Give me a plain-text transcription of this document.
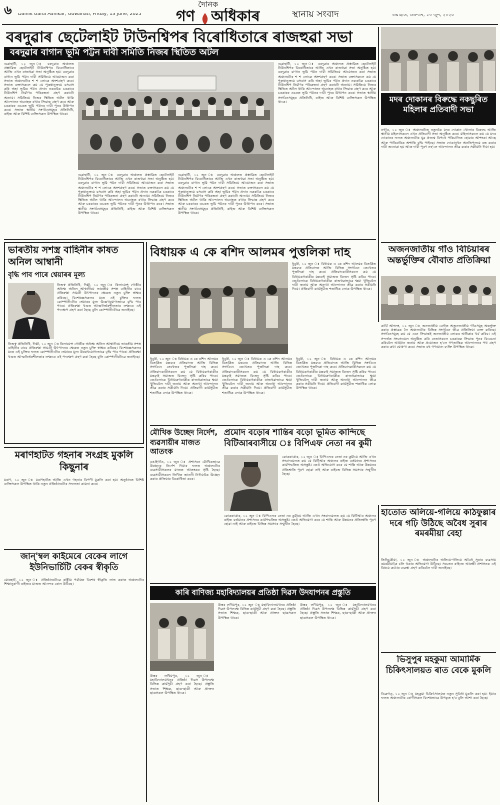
৬	দৈনিক
গণ অধিকাৰ
Dainik Gana Adhikar, Guwahati, Friday, 13 June, 2025	স্থানীয় সংবাদ	গুৱাহাটী, শুক্ৰবাৰ, ১৩ জুন, ২০২৫
বৰদুৱাৰ ছেটেলাইট টাউনশ্বিপৰ বিৰোধিতাৰে ৰাজহুৱা সভা
বৰদুৱাৰ বাগান ভূমি পট্টন দাবী সমিতি নিজৰ স্থিতিত অটল
গুৱাহাটী, ১২ জুন ঃ বৰদুৱাৰ অঞ্চলত প্ৰস্তাৱিত ছেটেলাইট টাউনশ্বিপৰ বিৰোধিতাৰে আজি এখন ৰাজহুৱা সভা অনুষ্ঠিত হয়। বৰদুৱাৰ বাগান ভূমি পট্টন দাবী সমিতিয়ে আয়োজন কৰা সভাত অঞ্চলটোৰ শ শ লোকে অংশগ্ৰহণ কৰে। সভাত বক্তাসকলে কয় যে পুৰুষানুক্ৰমে বসবাস কৰি অহা ভূমিৰ পট্টন প্ৰদান নকৰাকৈ চৰকাৰে টাউনশ্বিপ নিৰ্মাণৰ পৰিকল্পনা গ্ৰহণ কৰাটো অন্যায়। সমিতিয়ে নিজৰ স্থিতিত অটল থাকি আন্দোলন অব্যাহত ৰখাৰ সিদ্ধান্ত গ্ৰহণ কৰে আৰু চৰকাৰৰ ওচৰত ভূমি পট্টনৰ দাবী পুনৰ উত্থাপন কৰে। সভাত স্থানীয় সংগঠনসমূহৰ প্ৰতিনিধি, ৰাইজ আৰু বিশিষ্ট ব্যক্তিসকল উপস্থিত থাকে।
গুৱাহাটী, ১২ জুন ঃ বৰদুৱাৰ অঞ্চলত প্ৰস্তাৱিত ছেটেলাইট টাউনশ্বিপৰ বিৰোধিতাৰে আজি এখন ৰাজহুৱা সভা অনুষ্ঠিত হয়। বৰদুৱাৰ বাগান ভূমি পট্টন দাবী সমিতিয়ে আয়োজন কৰা সভাত অঞ্চলটোৰ শ শ লোকে অংশগ্ৰহণ কৰে। সভাত বক্তাসকলে কয় যে পুৰুষানুক্ৰমে বসবাস কৰি অহা ভূমিৰ পট্টন প্ৰদান নকৰাকৈ চৰকাৰে টাউনশ্বিপ নিৰ্মাণৰ পৰিকল্পনা গ্ৰহণ কৰাটো অন্যায়। সমিতিয়ে নিজৰ স্থিতিত অটল থাকি আন্দোলন অব্যাহত ৰখাৰ সিদ্ধান্ত গ্ৰহণ কৰে আৰু চৰকাৰৰ ওচৰত ভূমি পট্টনৰ দাবী পুনৰ উত্থাপন কৰে। সভাত স্থানীয় সংগঠনসমূহৰ প্ৰতিনিধি, ৰাইজ আৰু বিশিষ্ট ব্যক্তিসকল উপস্থিত থাকে।
গুৱাহাটী, ১২ জুন ঃ বৰদুৱাৰ অঞ্চলত প্ৰস্তাৱিত ছেটেলাইট টাউনশ্বিপৰ বিৰোধিতাৰে আজি এখন ৰাজহুৱা সভা অনুষ্ঠিত হয়। বৰদুৱাৰ বাগান ভূমি পট্টন দাবী সমিতিয়ে আয়োজন কৰা সভাত অঞ্চলটোৰ শ শ লোকে অংশগ্ৰহণ কৰে। সভাত বক্তাসকলে কয় যে পুৰুষানুক্ৰমে বসবাস কৰি অহা ভূমিৰ পট্টন প্ৰদান নকৰাকৈ চৰকাৰে টাউনশ্বিপ নিৰ্মাণৰ পৰিকল্পনা গ্ৰহণ কৰাটো অন্যায়। সমিতিয়ে নিজৰ স্থিতিত অটল থাকি আন্দোলন অব্যাহত ৰখাৰ সিদ্ধান্ত গ্ৰহণ কৰে আৰু চৰকাৰৰ ওচৰত ভূমি পট্টনৰ দাবী পুনৰ উত্থাপন কৰে। সভাত স্থানীয় সংগঠনসমূহৰ প্ৰতিনিধি, ৰাইজ আৰু বিশিষ্ট ব্যক্তিসকল উপস্থিত থাকে।
গুৱাহাটী, ১২ জুন ঃ বৰদুৱাৰ অঞ্চলত প্ৰস্তাৱিত ছেটেলাইট টাউনশ্বিপৰ বিৰোধিতাৰে আজি এখন ৰাজহুৱা সভা অনুষ্ঠিত হয়। বৰদুৱাৰ বাগান ভূমি পট্টন দাবী সমিতিয়ে আয়োজন কৰা সভাত অঞ্চলটোৰ শ শ লোকে অংশগ্ৰহণ কৰে। সভাত বক্তাসকলে কয় যে পুৰুষানুক্ৰমে বসবাস কৰি অহা ভূমিৰ পট্টন প্ৰদান নকৰাকৈ চৰকাৰে টাউনশ্বিপ নিৰ্মাণৰ পৰিকল্পনা গ্ৰহণ কৰাটো অন্যায়। সমিতিয়ে নিজৰ স্থিতিত অটল থাকি আন্দোলন অব্যাহত ৰখাৰ সিদ্ধান্ত গ্ৰহণ কৰে আৰু চৰকাৰৰ ওচৰত ভূমি পট্টনৰ দাবী পুনৰ উত্থাপন কৰে। সভাত স্থানীয় সংগঠনসমূহৰ প্ৰতিনিধি, ৰাইজ আৰু বিশিষ্ট ব্যক্তিসকল উপস্থিত থাকে।	মদৰ দোকানৰ বিৰুদ্ধে নকছুৰিত মহিলাৰ প্ৰতিবাদী সভা
নগাঁও, ১২ জুন ঃ অঞ্চলটোত নতুনকৈ মদৰ দোকান খোলাৰ বিৰুদ্ধে আজি স্থানীয় মহিলাসকলে এখন প্ৰতিবাদী সভা অনুষ্ঠিত কৰে। মহিলাসকলে কয় যে মদৰ দোকানৰ ফলত অঞ্চলটোৰ যুৱ প্ৰজন্ম বিপথে পৰিচালিত হোৱাৰ আশংকা আছে আৰু পাৰিবাৰিক অশান্তি বৃদ্ধি পাইছে। সভাত দোকানখন অনতিপলমে বন্ধ কৰাৰ দাবী জনোৱা হয় আৰু দাবী পূৰণ নহ'লে আন্দোলন তীব্ৰ কৰাৰ সকীয়নি দিয়া হয়।
অজনজাতীয় গাঁও বিচিয়াৰৰ অন্তৰ্ভুক্তিৰ বৌবাত প্ৰতিক্ৰিয়া
কাৰ্বি আংলং, ১২ জুন ঃ জনজাতীয় বেল্টত অজনজাতীয় গাঁওসমূহ অন্তৰ্ভুক্ত কৰাৰ প্ৰস্তাৱক লৈ অঞ্চলটোৰ বিভিন্ন সংগঠনে তীব্ৰ প্ৰতিক্ৰিয়া ব্যক্ত কৰিছে। সংগঠনসমূহে কয় যে এনে সিদ্ধান্তই জনজাতীয় লোকৰ অধিকাৰ খৰ্ব কৰিব। এই সন্দৰ্ভত সংবাদমেল অনুষ্ঠিত কৰি নেতাসকলে চৰকাৰক সিদ্ধান্ত পুনৰ বিবেচনা কৰিবলৈ আহ্বান জনায় আৰু প্ৰয়োজন হ'লে গণতান্ত্ৰিক আন্দোলনৰ পথ গ্ৰহণ কৰাৰ কথা ঘোষণা কৰে। সভাত বহু গণ্যমান্য ব্যক্তি উপস্থিত থাকে।
ভাৰতীয় সশস্ত্ৰ বাহিনীৰ কাষত অনিল আম্বানী
বৃদ্ধি পাব পাৰে শ্বেয়াৰৰ মূল্য
নিজস্ব প্ৰতিনিধি, দিল্লী, ১২ জুন ঃ ৰিলায়েন্স গোষ্ঠীৰ অধ্যক্ষ অনিল আম্বানীয়ে ভাৰতীয় সশস্ত্ৰ বাহিনীৰ বাবে প্ৰতিৰক্ষা সামগ্ৰী উৎপাদনৰ ক্ষেত্ৰত নতুন চুক্তি স্বাক্ষৰ কৰিছে। বিশেষজ্ঞসকলৰ মতে এই চুক্তিৰ ফলত কোম্পানীটোৰ শ্বেয়াৰৰ মূল্য উল্লেখযোগ্যভাৱে বৃদ্ধি পাব পাৰে। প্ৰতিৰক্ষা খণ্ডত আত্মনিৰ্ভৰশীলতাৰ লক্ষ্যৰে এই পদক্ষেপ গ্ৰহণ কৰা হৈছে বুলি কোম্পানীটোৱে জনাইছে।
নিজস্ব প্ৰতিনিধি, দিল্লী, ১২ জুন ঃ ৰিলায়েন্স গোষ্ঠীৰ অধ্যক্ষ অনিল আম্বানীয়ে ভাৰতীয় সশস্ত্ৰ বাহিনীৰ বাবে প্ৰতিৰক্ষা সামগ্ৰী উৎপাদনৰ ক্ষেত্ৰত নতুন চুক্তি স্বাক্ষৰ কৰিছে। বিশেষজ্ঞসকলৰ মতে এই চুক্তিৰ ফলত কোম্পানীটোৰ শ্বেয়াৰৰ মূল্য উল্লেখযোগ্যভাৱে বৃদ্ধি পাব পাৰে। প্ৰতিৰক্ষা খণ্ডত আত্মনিৰ্ভৰশীলতাৰ লক্ষ্যৰে এই পদক্ষেপ গ্ৰহণ কৰা হৈছে বুলি কোম্পানীটোৱে জনাইছে।
বিধায়ক এ কে ৰশিদ আলমৰ পুত্তলিকা দাহ
ধুবুৰী, ১২ জুন ঃ বিধায়ক এ কে ৰশিদ আলমৰ বিতৰ্কিত মন্তব্যৰ প্ৰতিবাদত আজি বিভিন্ন সংগঠনে তেখেতৰ পুত্তলিকা দাহ কৰে। প্ৰতিবাদকাৰীসকলে কয় যে বিধায়কগৰাকীৰ মন্তব্যই সমাজত বিভেদ সৃষ্টি কৰিব পাৰে। তেওঁলোকে বিধায়কগৰাকীক ৰাজহুৱাভাৱে ক্ষমা খুজিবলৈ দাবী জনায় আৰু অন্যথা আন্দোলন তীব্ৰ কৰাৰ সকীয়নি দিয়ে। প্ৰতিবাদী কাৰ্যসূচীত শতাধিক লোক উপস্থিত থাকে।
ধুবুৰী, ১২ জুন ঃ বিধায়ক এ কে ৰশিদ আলমৰ বিতৰ্কিত মন্তব্যৰ প্ৰতিবাদত আজি বিভিন্ন সংগঠনে তেখেতৰ পুত্তলিকা দাহ কৰে। প্ৰতিবাদকাৰীসকলে কয় যে বিধায়কগৰাকীৰ মন্তব্যই সমাজত বিভেদ সৃষ্টি কৰিব পাৰে। তেওঁলোকে বিধায়কগৰাকীক ৰাজহুৱাভাৱে ক্ষমা খুজিবলৈ দাবী জনায় আৰু অন্যথা আন্দোলন তীব্ৰ কৰাৰ সকীয়নি দিয়ে। প্ৰতিবাদী কাৰ্যসূচীত শতাধিক লোক উপস্থিত থাকে।
ধুবুৰী, ১২ জুন ঃ বিধায়ক এ কে ৰশিদ আলমৰ বিতৰ্কিত মন্তব্যৰ প্ৰতিবাদত আজি বিভিন্ন সংগঠনে তেখেতৰ পুত্তলিকা দাহ কৰে। প্ৰতিবাদকাৰীসকলে কয় যে বিধায়কগৰাকীৰ মন্তব্যই সমাজত বিভেদ সৃষ্টি কৰিব পাৰে। তেওঁলোকে বিধায়কগৰাকীক ৰাজহুৱাভাৱে ক্ষমা খুজিবলৈ দাবী জনায় আৰু অন্যথা আন্দোলন তীব্ৰ কৰাৰ সকীয়নি দিয়ে। প্ৰতিবাদী কাৰ্যসূচীত শতাধিক লোক উপস্থিত থাকে।
ধুবুৰী, ১২ জুন ঃ বিধায়ক এ কে ৰশিদ আলমৰ বিতৰ্কিত মন্তব্যৰ প্ৰতিবাদত আজি বিভিন্ন সংগঠনে তেখেতৰ পুত্তলিকা দাহ কৰে। প্ৰতিবাদকাৰীসকলে কয় যে বিধায়কগৰাকীৰ মন্তব্যই সমাজত বিভেদ সৃষ্টি কৰিব পাৰে। তেওঁলোকে বিধায়কগৰাকীক ৰাজহুৱাভাৱে ক্ষমা খুজিবলৈ দাবী জনায় আৰু অন্যথা আন্দোলন তীব্ৰ কৰাৰ সকীয়নি দিয়ে। প্ৰতিবাদী কাৰ্যসূচীত শতাধিক লোক উপস্থিত থাকে।
মৌখিক উচ্ছেদ নিৰ্দেশ, ব্যৱসায়ীৰ মাজত আতংক
বঙাইগাঁও, ১২ জুন ঃ প্ৰশাসনে মৌখিকভাৱে উচ্ছেদৰ নিৰ্দেশ দিয়াৰ ফলত অঞ্চলটোৰ ব্যৱসায়ীসকলৰ মাজত আতংকৰ সৃষ্টি হৈছে। ব্যৱসায়ীসকলে লিখিত জাননী নিদিয়াকৈ উচ্ছেদ কৰাৰ প্ৰক্ৰিয়াৰ বিৰোধিতা কৰে।
প্ৰমোদ বড়োৰ শান্তিৰ বড়ো ভূমিত কান্দিছে বিটিআৰবাসীয়ে ঃ বিপিএফ নেতা নৰ কুমী
কোকৰাঝাৰ, ১২ জুন ঃ বিপিএফৰ নেতা নৰ কুমীয়ে আজি এখন সংবাদমেলত কয় যে বিটিআৰ অঞ্চলৰ ৰাইজ বৰ্তমানৰ প্ৰশাসনৰ কাৰ্যপদ্ধতিত অসন্তুষ্ট। তেওঁ অভিযোগ কৰে যে শান্তি আৰু উন্নয়নৰ প্ৰতিশ্ৰুতি পূৰণ হোৱা নাই আৰু ৰাইজে বিভিন্ন সমস্যাৰ সন্মুখীন হৈছে।
কোকৰাঝাৰ, ১২ জুন ঃ বিপিএফৰ নেতা নৰ কুমীয়ে আজি এখন সংবাদমেলত কয় যে বিটিআৰ অঞ্চলৰ ৰাইজ বৰ্তমানৰ প্ৰশাসনৰ কাৰ্যপদ্ধতিত অসন্তুষ্ট। তেওঁ অভিযোগ কৰে যে শান্তি আৰু উন্নয়নৰ প্ৰতিশ্ৰুতি পূৰণ হোৱা নাই আৰু ৰাইজে বিভিন্ন সমস্যাৰ সন্মুখীন হৈছে।
হাতোত অলিয়ে-গলিয়ে কাঠফুল্লাৰ দৰে গঢ়ি উঠিছে অবৈধ সুৰাৰ ৰমৰমীয়া বেহা
তিনিচুকীয়া, ১২ জুন ঃ অঞ্চলটোৰ অলিয়ে-গলিয়ে অবৈধ সুৰাৰ ব্যৱসায় ৰমৰমীয়াকৈ চলি থকাৰ অভিযোগ উঠিছে। সচেতন ৰাইজে আৰক্ষী প্ৰশাসনক এই বিষয়ে কঠোৰ ব্যৱস্থা গ্ৰহণ কৰিবলৈ দাবী জনাইছে।
মৰাণহাটত গহনাৰ সংগ্ৰহ মুকলি কিছুনাৰ
মৰাণ, ১২ জুন ঃ মৰাণহাটত আজি এখন গহনাৰ বিপণী মুকলি কৰা হয়। অনুষ্ঠানত বিশিষ্ট ব্যক্তিসকল উপস্থিত থাকি নতুন প্ৰতিষ্ঠানটোৰ সফলতা কামনা কৰে।
জান্'ম্বল কাইমেৰে বেকেৰ লাগে ইউনিভাৰ্চিটি বেকৰ স্বীকৃতি
যোৰহাট, ১২ জুন ঃ প্ৰতিষ্ঠানটোৱে ৰাষ্ট্ৰীয় পৰ্যায়ত বিশেষ স্বীকৃতি লাভ কৰাত অঞ্চলটোৰ শিক্ষানুৰাগী ৰাইজৰ মাজত আনন্দৰ ৰোল উঠিছে।
কাৰি বাণিজ্য মহাবিদ্যালয়ৰ প্ৰতিষ্ঠা দিৱস উদযাপনৰ প্ৰস্তুতি
উত্তৰ লখিমপুৰ, ১২ জুন ঃ মহাবিদ্যালয়খনৰ প্ৰতিষ্ঠা দিৱস উপলক্ষে বিভিন্ন কাৰ্যসূচী গ্ৰহণ কৰা হৈছে। প্ৰস্তুতি সভাত শিক্ষক, ছাত্ৰ-ছাত্ৰী আৰু প্ৰাক্তন ছাত্ৰসকল উপস্থিত থাকে।
উত্তৰ লখিমপুৰ, ১২ জুন ঃ মহাবিদ্যালয়খনৰ প্ৰতিষ্ঠা দিৱস উপলক্ষে বিভিন্ন কাৰ্যসূচী গ্ৰহণ কৰা হৈছে। প্ৰস্তুতি সভাত শিক্ষক, ছাত্ৰ-ছাত্ৰী আৰু প্ৰাক্তন ছাত্ৰসকল উপস্থিত থাকে।
উত্তৰ লখিমপুৰ, ১২ জুন ঃ মহাবিদ্যালয়খনৰ প্ৰতিষ্ঠা দিৱস উপলক্ষে বিভিন্ন কাৰ্যসূচী গ্ৰহণ কৰা হৈছে। প্ৰস্তুতি সভাত শিক্ষক, ছাত্ৰ-ছাত্ৰী আৰু প্ৰাক্তন ছাত্ৰসকল উপস্থিত থাকে।
ভিসুপুৰ মহকুমা আমাৰ্মিক চিকিৎসালয়ত ৰাত বেকে মুকলি
ডিব্ৰুগড়, ১২ জুন ঃ মহকুমা চিকিৎসালয়ত নতুন সুবিধা মুকলি কৰা হয়। ইয়াৰ ফলত অঞ্চলটোৰ ৰোগীসকল বিশেষভাৱে উপকৃত হ'ব বুলি আশা কৰা হৈছে।
